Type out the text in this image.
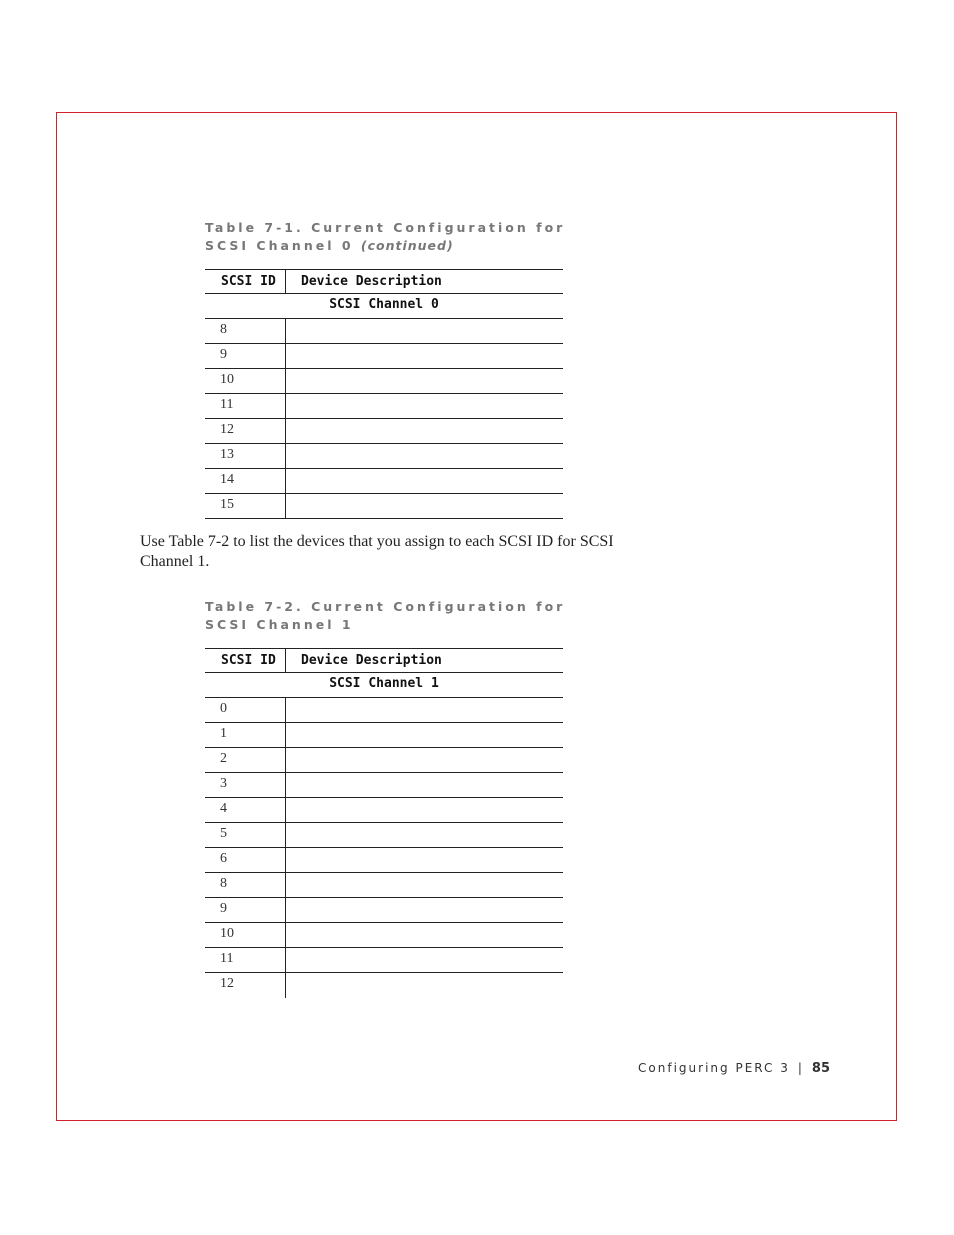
Table 7-1. Current Configuration for SCSI Channel 0 (continued)
SCSI ID	Device Description
SCSI Channel 0
8
9
10
11
12
13
14
15
Use Table 7-2 to list the devices that you assign to each SCSI ID for SCSI Channel 1.
Table 7-2. Current Configuration for SCSI Channel 1
SCSI ID	Device Description
SCSI Channel 1
0
1
2
3
4
5
6
8
9
10
11
12
Configuring PERC 3 | 85
